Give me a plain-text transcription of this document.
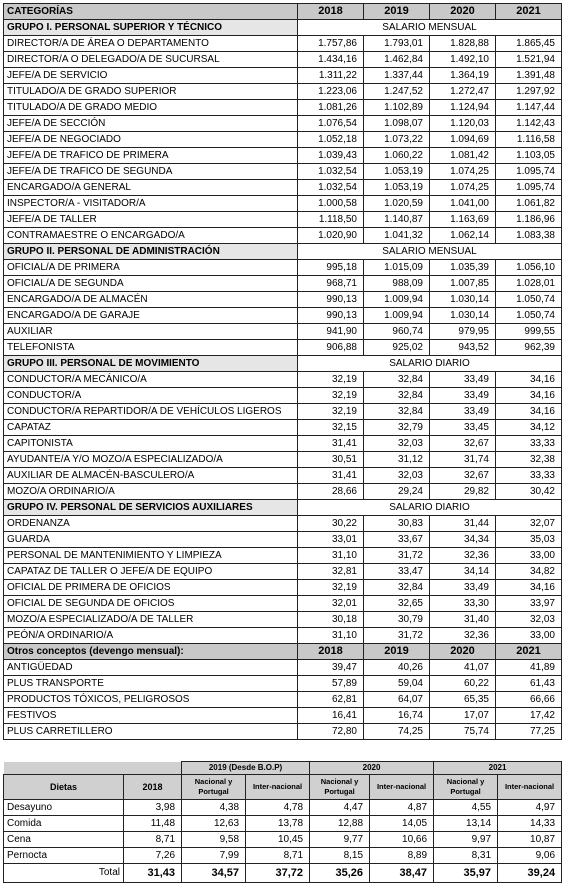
CATEGORÍAS	2018	2019	2020	2021
GRUPO I. PERSONAL SUPERIOR Y TÉCNICO	SALARIO MENSUAL			
DIRECTOR/A DE ÁREA O DEPARTAMENTO	1.757,86	1.793,01	1.828,88	1.865,45
DIRECTOR/A O DELEGADO/A DE SUCURSAL	1.434,16	1.462,84	1.492,10	1.521,94
JEFE/A DE SERVICIO	1.311,22	1.337,44	1.364,19	1.391,48
TITULADO/A DE GRADO SUPERIOR	1.223,06	1.247,52	1.272,47	1.297,92
TITULADO/A DE GRADO MEDIO	1.081,26	1.102,89	1.124,94	1.147,44
JEFE/A DE SECCIÓN	1.076,54	1.098,07	1.120,03	1.142,43
JEFE/A DE NEGOCIADO	1.052,18	1.073,22	1.094,69	1.116,58
JEFE/A DE TRAFICO DE PRIMERA	1.039,43	1.060,22	1.081,42	1.103,05
JEFE/A DE TRAFICO DE SEGUNDA	1.032,54	1.053,19	1.074,25	1.095,74
ENCARGADO/A GENERAL	1.032,54	1.053,19	1.074,25	1.095,74
INSPECTOR/A - VISITADOR/A	1.000,58	1.020,59	1.041,00	1.061,82
JEFE/A DE TALLER	1.118,50	1.140,87	1.163,69	1.186,96
CONTRAMAESTRE O ENCARGADO/A	1.020,90	1.041,32	1.062,14	1.083,38
GRUPO II. PERSONAL DE ADMINISTRACIÓN	SALARIO MENSUAL			
OFICIAL/A DE PRIMERA	995,18	1.015,09	1.035,39	1.056,10
OFICIAL/A DE SEGUNDA	968,71	988,09	1.007,85	1.028,01
ENCARGADO/A DE ALMACÉN	990,13	1.009,94	1.030,14	1.050,74
ENCARGADO/A DE GARAJE	990,13	1.009,94	1.030,14	1.050,74
AUXILIAR	941,90	960,74	979,95	999,55
TELEFONISTA	906,88	925,02	943,52	962,39
GRUPO III. PERSONAL DE MOVIMIENTO	SALARIO DIARIO			
CONDUCTOR/A MECÁNICO/A	32,19	32,84	33,49	34,16
CONDUCTOR/A	32,19	32,84	33,49	34,16
CONDUCTOR/A REPARTIDOR/A DE VEHÍCULOS LIGEROS	32,19	32,84	33,49	34,16
CAPATAZ	32,15	32,79	33,45	34,12
CAPITONISTA	31,41	32,03	32,67	33,33
AYUDANTE/A Y/O MOZO/A ESPECIALIZADO/A	30,51	31,12	31,74	32,38
AUXILIAR DE ALMACÉN-BASCULERO/A	31,41	32,03	32,67	33,33
MOZO/A ORDINARIO/A	28,66	29,24	29,82	30,42
GRUPO IV. PERSONAL DE SERVICIOS AUXILIARES	SALARIO DIARIO			
ORDENANZA	30,22	30,83	31,44	32,07
GUARDA	33,01	33,67	34,34	35,03
PERSONAL DE MANTENIMIENTO Y LIMPIEZA	31,10	31,72	32,36	33,00
CAPATAZ DE TALLER O JEFE/A DE EQUIPO	32,81	33,47	34,14	34,82
OFICIAL DE PRIMERA DE OFICIOS	32,19	32,84	33,49	34,16
OFICIAL DE SEGUNDA DE OFICIOS	32,01	32,65	33,30	33,97
MOZO/A ESPECIALIZADO/A DE TALLER	30,18	30,79	31,40	32,03
PEÓN/A ORDINARIO/A	31,10	31,72	32,36	33,00
Otros conceptos (devengo mensual):	2018	2019	2020	2021
ANTIGÜEDAD	39,47	40,26	41,07	41,89
PLUS TRANSPORTE	57,89	59,04	60,22	61,43
PRODUCTOS TÓXICOS, PELIGROSOS	62,81	64,07	65,35	66,66
FESTIVOS	16,41	16,74	17,07	17,42
PLUS CARRETILLERO	72,80	74,25	75,74	77,25
		2019 (Desde B.O.P)		2020		2021	
Dietas	2018	Nacional y Portugal	Inter-nacional	Nacional y Portugal	Inter-nacional	Nacional y Portugal	Inter-nacional
Desayuno	3,98	4,38	4,78	4,47	4,87	4,55	4,97
Comida	11,48	12,63	13,78	12,88	14,05	13,14	14,33
Cena	8,71	9,58	10,45	9,77	10,66	9,97	10,87
Pernocta	7,26	7,99	8,71	8,15	8,89	8,31	9,06
Total	31,43	34,57	37,72	35,26	38,47	35,97	39,24
